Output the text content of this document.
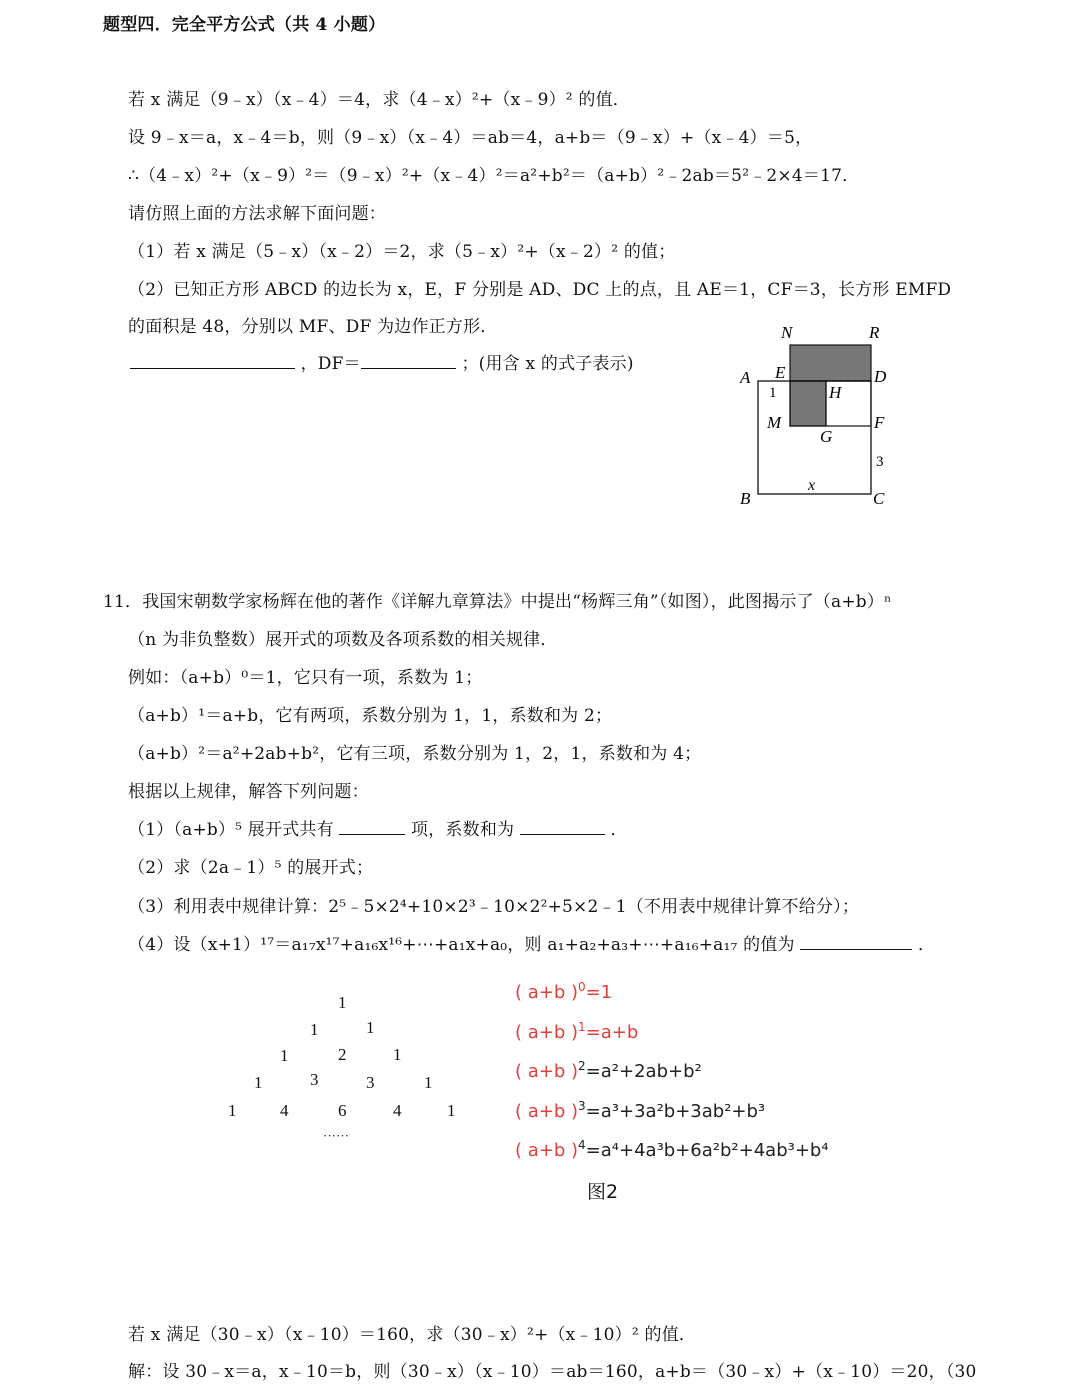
题型四．完全平方公式（共 4 小题）
若 x 满足（9﹣x）（x﹣4）＝4，求（4﹣x）²+（x﹣9）² 的值．
设 9﹣x＝a，x﹣4＝b，则（9﹣x）（x﹣4）＝ab＝4，a+b＝（9﹣x）+（x﹣4）＝5，
∴（4﹣x）²+（x﹣9）²＝（9﹣x）²+（x﹣4）²＝a²+b²＝（a+b）²﹣2ab＝5²﹣2×4＝17．
请仿照上面的方法求解下面问题：
（1）若 x 满足（5﹣x）（x﹣2）＝2，求（5﹣x）²+（x﹣2）² 的值；
（2）已知正方形 ABCD 的边长为 x，E，F 分别是 AD、DC 上的点，且 AE＝1，CF＝3，长方形 EMFD
的面积是 48，分别以 MF、DF 为边作正方形．
，DF＝	；(用含 x 的式子表示)
N	R
A E	D
H
1
M	F
G
3
x
B	C
11．我国宋朝数学家杨辉在他的著作《详解九章算法》中提出“杨辉三角”（如图），此图揭示了（a+b）ⁿ
（n 为非负整数）展开式的项数及各项系数的相关规律．
例如：（a+b）⁰＝1，它只有一项，系数为 1；
（a+b）¹＝a+b，它有两项，系数分别为 1，1，系数和为 2；
（a+b）²＝a²+2ab+b²，它有三项，系数分别为 1，2，1，系数和为 4；
根据以上规律，解答下列问题：
（1）（a+b）⁵ 展开式共有	项，系数和为	．
（2）求（2a﹣1）⁵ 的展开式；
（3）利用表中规律计算：2⁵﹣5×2⁴+10×2³﹣10×2²+5×2﹣1（不用表中规律计算不给分）；
（4）设（x+1）¹⁷＝a₁₇x¹⁷+a₁₆x¹⁶+⋯+a₁x+a₀，则 a₁+a₂+a₃+⋯+a₁₆+a₁₇ 的值为	．
1
1	1
1	2	1
1	3	3	1
1	4	6	4	1
······
( a+b )$^0$=1
( a+b )$^1$=a+b
( a+b )$^2$=a²+2ab+b²
( a+b )$^3$=a³+3a²b+3ab²+b³
( a+b )$^4$=a⁴+4a³b+6a²b²+4ab³+b⁴
图2
若 x 满足（30﹣x）（x﹣10）＝160，求（30﹣x）²+（x﹣10）² 的值．
解：设 30﹣x＝a，x﹣10＝b，则（30﹣x）（x﹣10）＝ab＝160，a+b＝（30﹣x）+（x﹣10）＝20，（30
